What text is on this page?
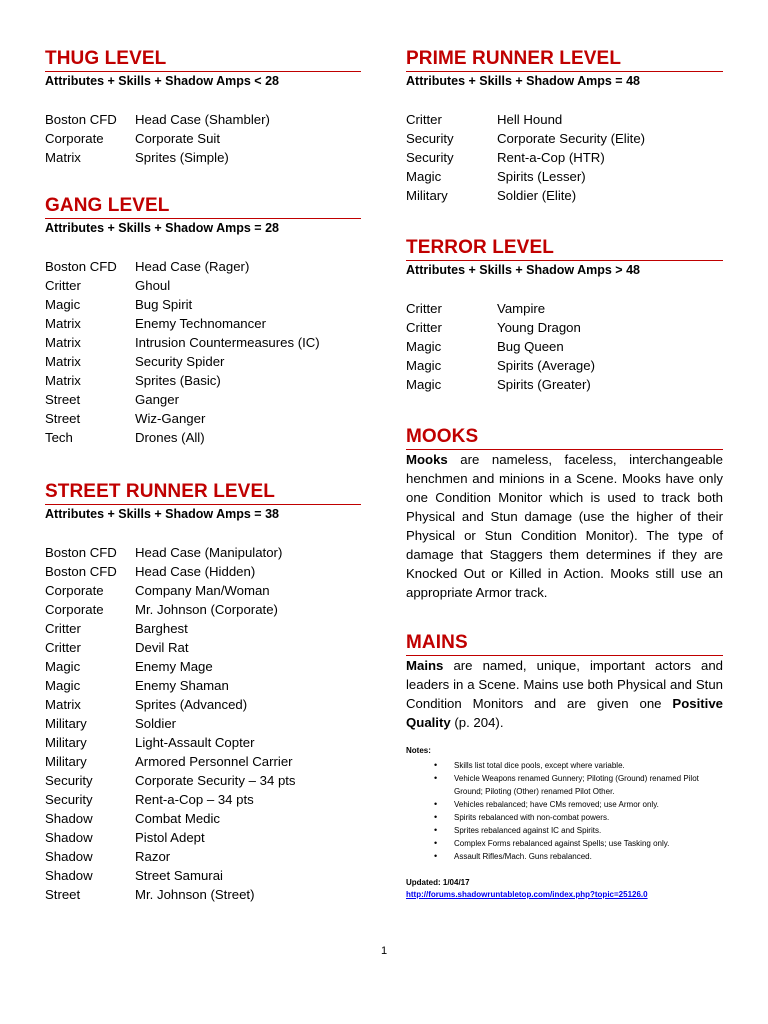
THUG LEVEL
Attributes + Skills + Shadow Amps < 28
Boston CFD	Head Case (Shambler)
Corporate	Corporate Suit
Matrix	Sprites (Simple)
GANG LEVEL
Attributes + Skills + Shadow Amps = 28
Boston CFD	Head Case (Rager)
Critter	Ghoul
Magic	Bug Spirit
Matrix	Enemy Technomancer
Matrix	Intrusion Countermeasures (IC)
Matrix	Security Spider
Matrix	Sprites (Basic)
Street	Ganger
Street	Wiz-Ganger
Tech	Drones (All)
STREET RUNNER LEVEL
Attributes + Skills + Shadow Amps = 38
Boston CFD	Head Case (Manipulator)
Boston CFD	Head Case (Hidden)
Corporate	Company Man/Woman
Corporate	Mr. Johnson (Corporate)
Critter	Barghest
Critter	Devil Rat
Magic	Enemy Mage
Magic	Enemy Shaman
Matrix	Sprites (Advanced)
Military	Soldier
Military	Light-Assault Copter
Military	Armored Personnel Carrier
Security	Corporate Security – 34 pts
Security	Rent-a-Cop – 34 pts
Shadow	Combat Medic
Shadow	Pistol Adept
Shadow	Razor
Shadow	Street Samurai
Street	Mr. Johnson (Street)
PRIME RUNNER LEVEL
Attributes + Skills + Shadow Amps = 48
Critter	Hell Hound
Security	Corporate Security (Elite)
Security	Rent-a-Cop (HTR)
Magic	Spirits (Lesser)
Military	Soldier (Elite)
TERROR LEVEL
Attributes + Skills + Shadow Amps > 48
Critter	Vampire
Critter	Young Dragon
Magic	Bug Queen
Magic	Spirits (Average)
Magic	Spirits (Greater)
MOOKS

Mooks are nameless, faceless, interchangeable henchmen and minions in a Scene. Mooks have only one Condition Monitor which is used to track both Physical and Stun damage (use the higher of their Physical or Stun Condition Monitor). The type of damage that Staggers them determines if they are Knocked Out or Killed in Action. Mooks still use an appropriate Armor track.

MAINS

Mains are named, unique, important actors and leaders in a Scene. Mains use both Physical and Stun Condition Monitors and are given one Positive Quality (p. 204).

Notes:
• Skills list total dice pools, except where variable.
• Vehicle Weapons renamed Gunnery; Piloting (Ground) renamed Pilot Ground; Piloting (Other) renamed Pilot Other.
• Vehicles rebalanced; have CMs removed; use Armor only.
• Spirits rebalanced with non-combat powers.
• Sprites rebalanced against IC and Spirits.
• Complex Forms rebalanced against Spells; use Tasking only.
• Assault Rifles/Mach. Guns rebalanced.
Updated: 1/04/17
http://forums.shadowruntabletop.com/index.php?topic=25126.0
1
